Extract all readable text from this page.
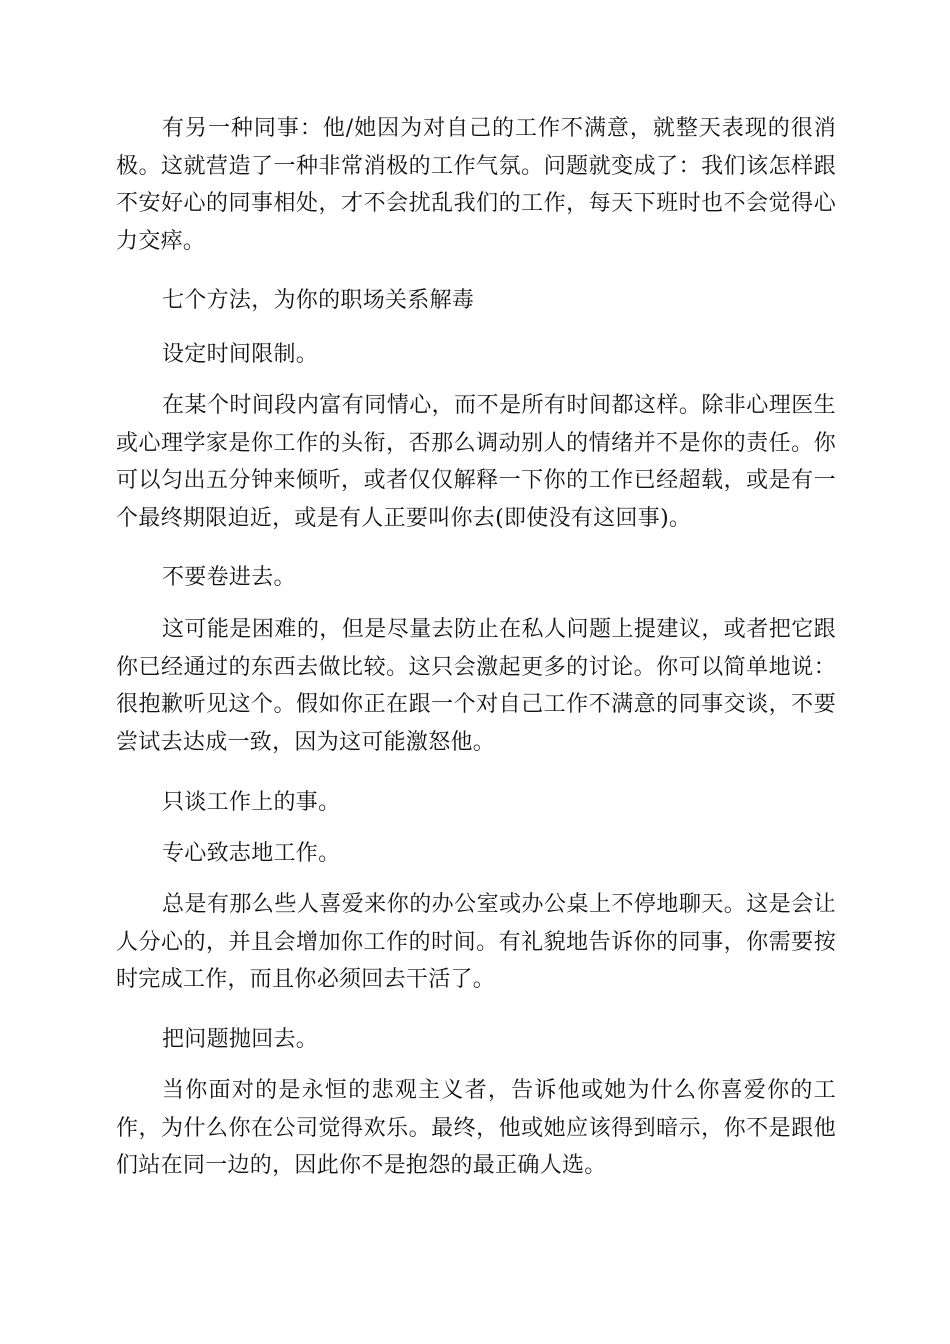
有另一种同事：他/她因为对自己的工作不满意，就整天表现的很消极。这就营造了一种非常消极的工作气氛。问题就变成了：我们该怎样跟不安好心的同事相处，才不会扰乱我们的工作，每天下班时也不会觉得心力交瘁。

七个方法，为你的职场关系解毒

设定时间限制。

在某个时间段内富有同情心，而不是所有时间都这样。除非心理医生或心理学家是你工作的头衔，否那么调动别人的情绪并不是你的责任。你可以匀出五分钟来倾听，或者仅仅解释一下你的工作已经超载，或是有一个最终期限迫近，或是有人正要叫你去(即使没有这回事)。

不要卷进去。

这可能是困难的，但是尽量去防止在私人问题上提建议，或者把它跟你已经通过的东西去做比较。这只会激起更多的讨论。你可以简单地说：很抱歉听见这个。假如你正在跟一个对自己工作不满意的同事交谈，不要尝试去达成一致，因为这可能激怒他。

只谈工作上的事。

专心致志地工作。

总是有那么些人喜爱来你的办公室或办公桌上不停地聊天。这是会让人分心的，并且会增加你工作的时间。有礼貌地告诉你的同事，你需要按时完成工作，而且你必须回去干活了。

把问题抛回去。

当你面对的是永恒的悲观主义者，告诉他或她为什么你喜爱你的工作，为什么你在公司觉得欢乐。最终，他或她应该得到暗示，你不是跟他们站在同一边的，因此你不是抱怨的最正确人选。
